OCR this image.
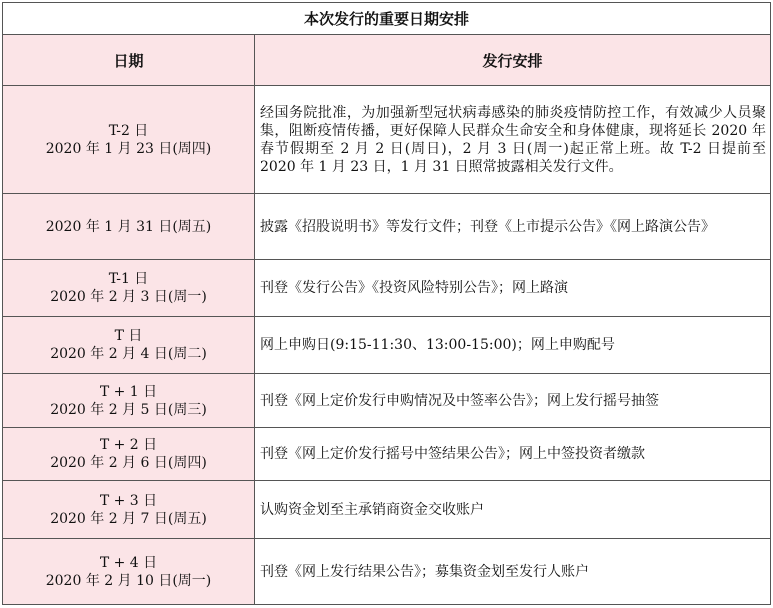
本次发行的重要日期安排	
日期	发行安排

T-2 日
2020 年 1 月 23 日(周四)	经国务院批准，为加强新型冠状病毒感染的肺炎疫情防控工作，有效减少人员聚集，阻断疫情传播，更好保障人民群众生命安全和身体健康，现将延长 2020 年春节假期至 2 月 2 日(周日)，2 月 3 日(周一)起正常上班。故 T-2 日提前至 2020 年 1 月 23 日，1 月 31 日照常披露相关发行文件。

2020 年 1 月 31 日(周五)	披露《招股说明书》等发行文件；刊登《上市提示公告》《网上路演公告》

T-1 日
2020 年 2 月 3 日(周一)	刊登《发行公告》《投资风险特别公告》；网上路演

T 日
2020 年 2 月 4 日(周二)	网上申购日(9:15-11:30、13:00-15:00)；网上申购配号

T + 1 日
2020 年 2 月 5 日(周三)	刊登《网上定价发行申购情况及中签率公告》；网上发行摇号抽签

T + 2 日
2020 年 2 月 6 日(周四)	刊登《网上定价发行摇号中签结果公告》；网上中签投资者缴款

T + 3 日
2020 年 2 月 7 日(周五)	认购资金划至主承销商资金交收账户

T + 4 日
2020 年 2 月 10 日(周一)	刊登《网上发行结果公告》；募集资金划至发行人账户
